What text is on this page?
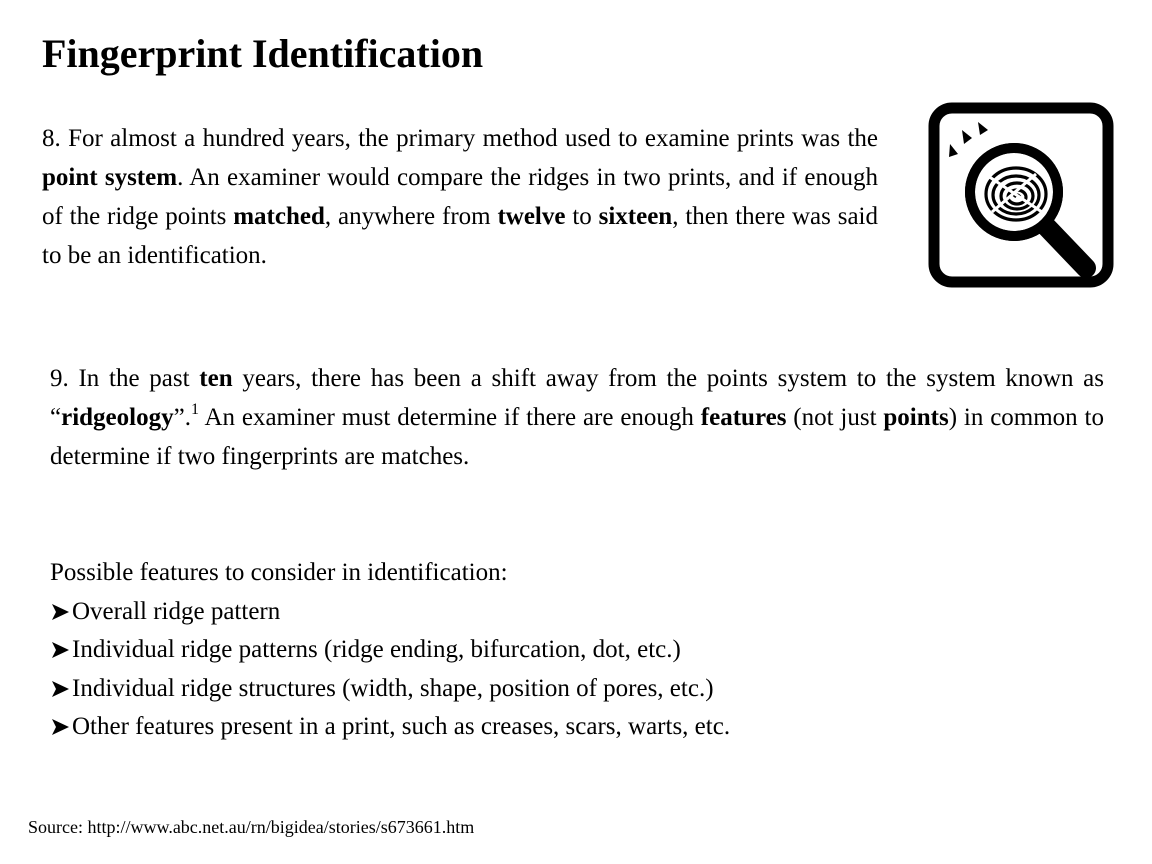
Fingerprint Identification

8. For almost a hundred years, the primary method used to examine prints was the point system. An examiner would compare the ridges in two prints, and if enough of the ridge points matched, anywhere from twelve to sixteen, then there was said to be an identification.

9. In the past ten years, there has been a shift away from the points system to the system known as “ridgeology”.$^1$ An examiner must determine if there are enough features (not just points) in common to determine if two fingerprints are matches.

Possible features to consider in identification:

Overall ridge pattern
Individual ridge patterns (ridge ending, bifurcation, dot, etc.)
Individual ridge structures (width, shape, position of pores, etc.)
Other features present in a print, such as creases, scars, warts, etc.

Source: http://www.abc.net.au/rn/bigidea/stories/s673661.htm
